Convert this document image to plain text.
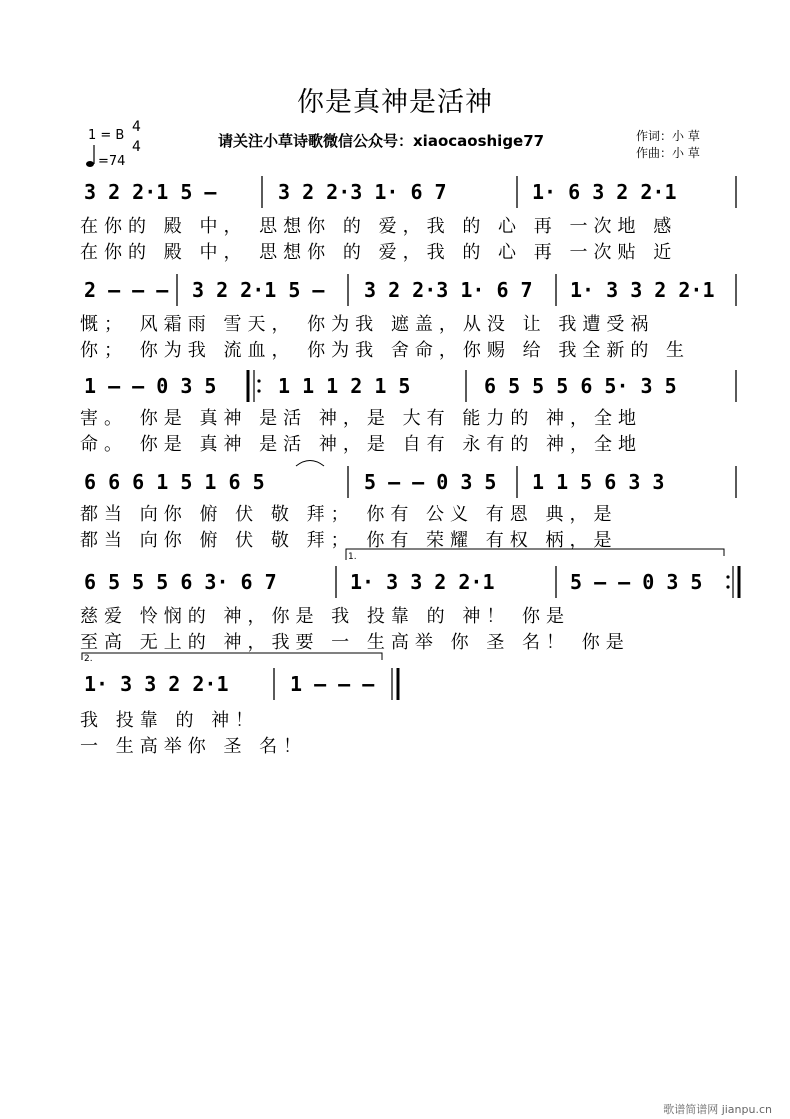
你是真神是活神
1 = B
4
4
=74
请关注小草诗歌微信公众号：xiaocaoshige77	作词：小 草
作曲：小 草
3 2 2·1 5 –	3 2 2·3 1· 6 7	1· 6 3 2 2·1
在你的 殿 中， 思想你 的 爱，我 的 心 再 一次地 感
在你的 殿 中， 思想你 的 爱，我 的 心 再 一次贴 近
2 – – – 3 2 2·1 5 – 3 2 2·3 1· 6 7 1· 3 3 2 2·1
慨； 风霜雨 雪天， 你为我 遮盖，从没 让 我遭受祸
你； 你为我 流血， 你为我 舍命，你赐 给 我全新的 生
1 – – 0 3 5	1 1 1 2 1 5	6 5 5 5 6 5· 3 5
害。 你是 真神 是活 神，是 大有 能力的 神，全地
命。 你是 真神 是活 神，是 自有 永有的 神，全地
6 6 6 1 5 1 6 5	5 – – 0 3 5 1 1 5 6 3 3
都当 向你 俯 伏 敬 拜； 你有 公义 有恩 典，是
都当 向你 俯 伏 敬 拜； 你有 荣耀 有权 柄，是
1.
6 5 5 5 6 3· 6 7	1· 3 3 2 2·1	5 – – 0 3 5
慈爱 怜悯的 神，你是 我 投靠 的 神！ 你是
至高 无上的 神，我要 一 生高举 你 圣 名！ 你是
2.
1· 3 3 2 2·1	1 – – –
我 投靠 的 神！
一 生高举你 圣 名！
歌谱简谱网 jianpu.cn
